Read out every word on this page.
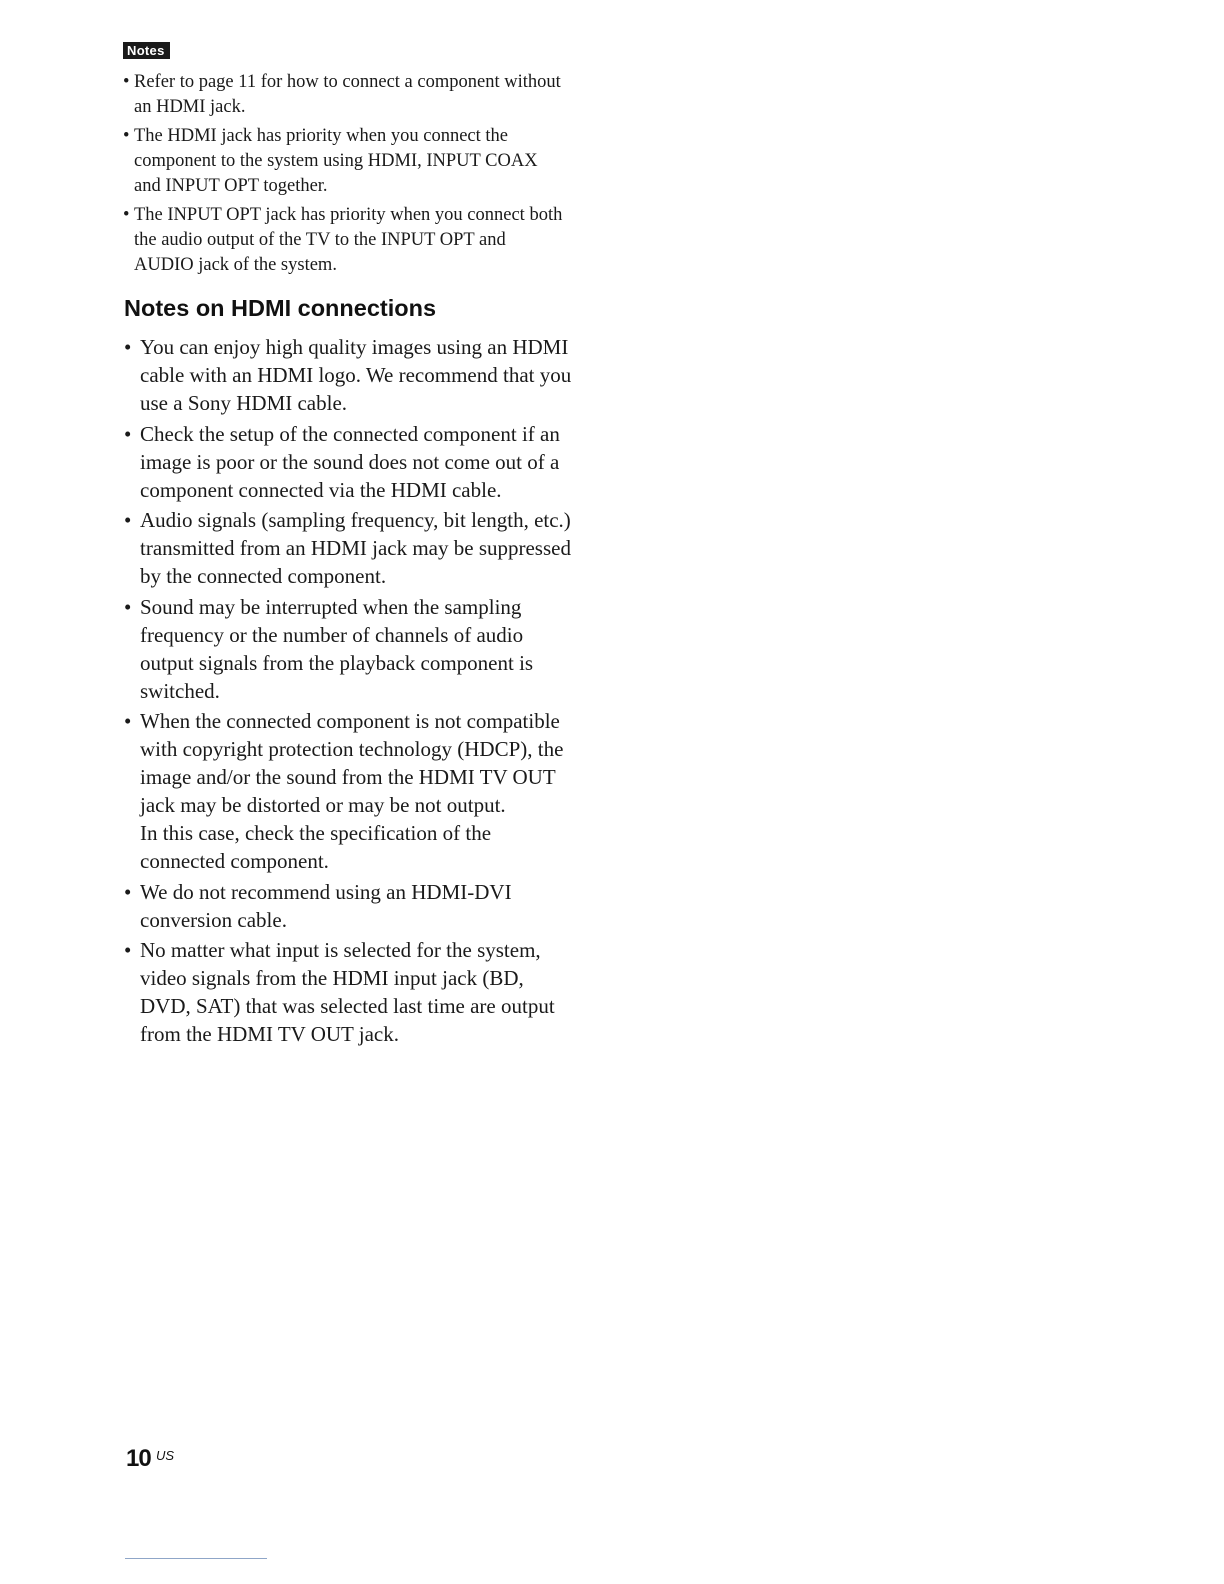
Notes
• Refer to page 11 for how to connect a component without an HDMI jack.
• The HDMI jack has priority when you connect the component to the system using HDMI, INPUT COAX and INPUT OPT together.
• The INPUT OPT jack has priority when you connect both the audio output of the TV to the INPUT OPT and AUDIO jack of the system.
Notes on HDMI connections
• You can enjoy high quality images using an HDMI cable with an HDMI logo. We recommend that you use a Sony HDMI cable.
• Check the setup of the connected component if an image is poor or the sound does not come out of a component connected via the HDMI cable.
• Audio signals (sampling frequency, bit length, etc.) transmitted from an HDMI jack may be suppressed by the connected component.
• Sound may be interrupted when the sampling frequency or the number of channels of audio output signals from the playback component is switched.
• When the connected component is not compatible with copyright protection technology (HDCP), the image and/or the sound from the HDMI TV OUT jack may be distorted or may be not output.
In this case, check the specification of the connected component.
• We do not recommend using an HDMI-DVI conversion cable.
• No matter what input is selected for the system, video signals from the HDMI input jack (BD, DVD, SAT) that was selected last time are output from the HDMI TV OUT jack.
10 US
